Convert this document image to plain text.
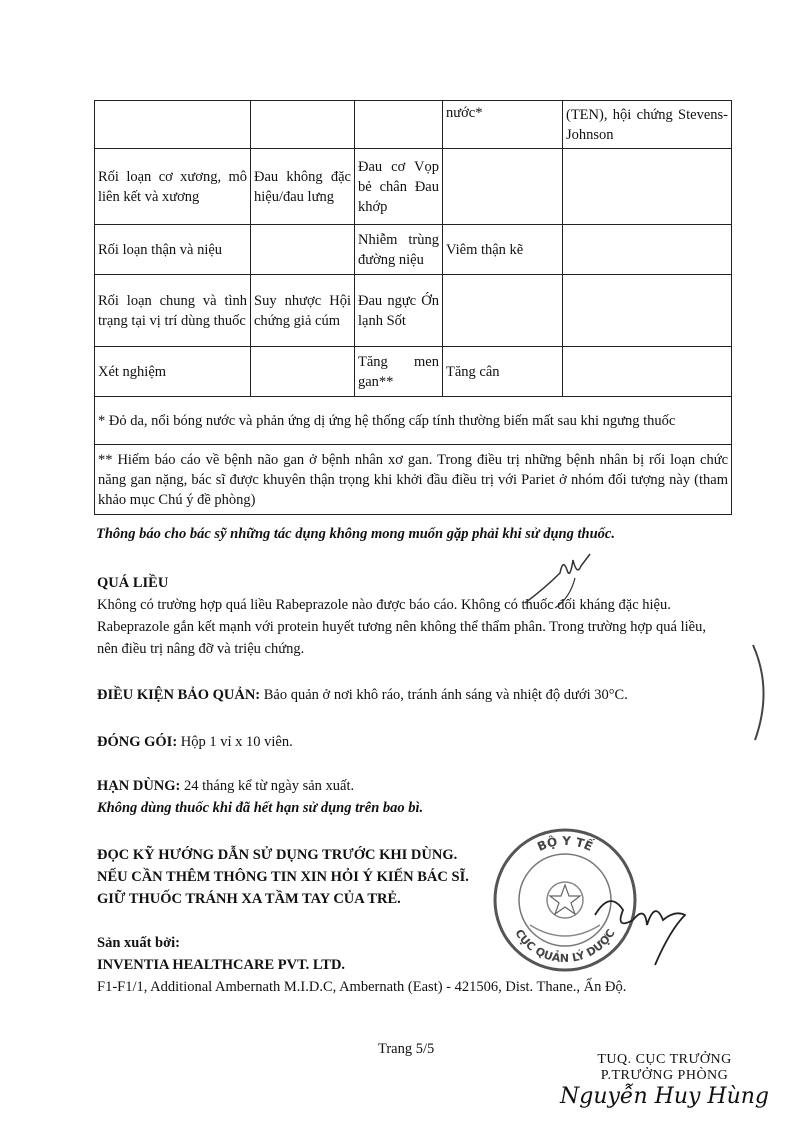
			nước*	(TEN), hội chứng Stevens-Johnson
Rối loạn cơ xương, mô liên kết và xương	Đau không đặc hiệu/đau lưng	Đau cơ Vọp bẻ chân Đau khớp		
Rối loạn thận và niệu		Nhiễm trùng đường niệu	Viêm thận kẽ	
Rối loạn chung và tình trạng tại vị trí dùng thuốc	Suy nhược Hội chứng giả cúm	Đau ngực Ớn lạnh Sốt		
Xét nghiệm		Tăng men gan**	Tăng cân	
* Đỏ da, nổi bóng nước và phản ứng dị ứng hệ thống cấp tính thường biến mất sau khi ngưng thuốc				
** Hiếm báo cáo về bệnh não gan ở bệnh nhân xơ gan. Trong điều trị những bệnh nhân bị rối loạn chức năng gan nặng, bác sĩ được khuyên thận trọng khi khởi đầu điều trị với Pariet ở nhóm đối tượng này (tham khảo mục Chú ý đề phòng)				
Thông báo cho bác sỹ những tác dụng không mong muốn gặp phải khi sử dụng thuốc.
QUÁ LIỀU
Không có trường hợp quá liều Rabeprazole nào được báo cáo. Không có thuốc đối kháng đặc hiệu. Rabeprazole gắn kết mạnh với protein huyết tương nên không thể thẩm phân. Trong trường hợp quá liều, nên điều trị nâng đỡ và triệu chứng.
ĐIỀU KIỆN BẢO QUẢN: Bảo quản ở nơi khô ráo, tránh ánh sáng và nhiệt độ dưới 30°C.
ĐÓNG GÓI: Hộp 1 vỉ x 10 viên.
HẠN DÙNG: 24 tháng kể từ ngày sản xuất.
Không dùng thuốc khi đã hết hạn sử dụng trên bao bì.
ĐỌC KỸ HƯỚNG DẪN SỬ DỤNG TRƯỚC KHI DÙNG.
NẾU CẦN THÊM THÔNG TIN XIN HỎI Ý KIẾN BÁC SĨ.
GIỮ THUỐC TRÁNH XA TẦM TAY CỦA TRẺ.
Sản xuất bởi:
INVENTIA HEALTHCARE PVT. LTD.
F1-F1/1, Additional Ambernath M.I.D.C, Ambernath (East) - 421506, Dist. Thane., Ấn Độ.
Trang 5/5
BỘ Y TẾ
CỤC QUẢN LÝ DƯỢC
TUQ. CỤC TRƯỞNG
P.TRƯỞNG PHÒNG
Nguyễn Huy Hùng
